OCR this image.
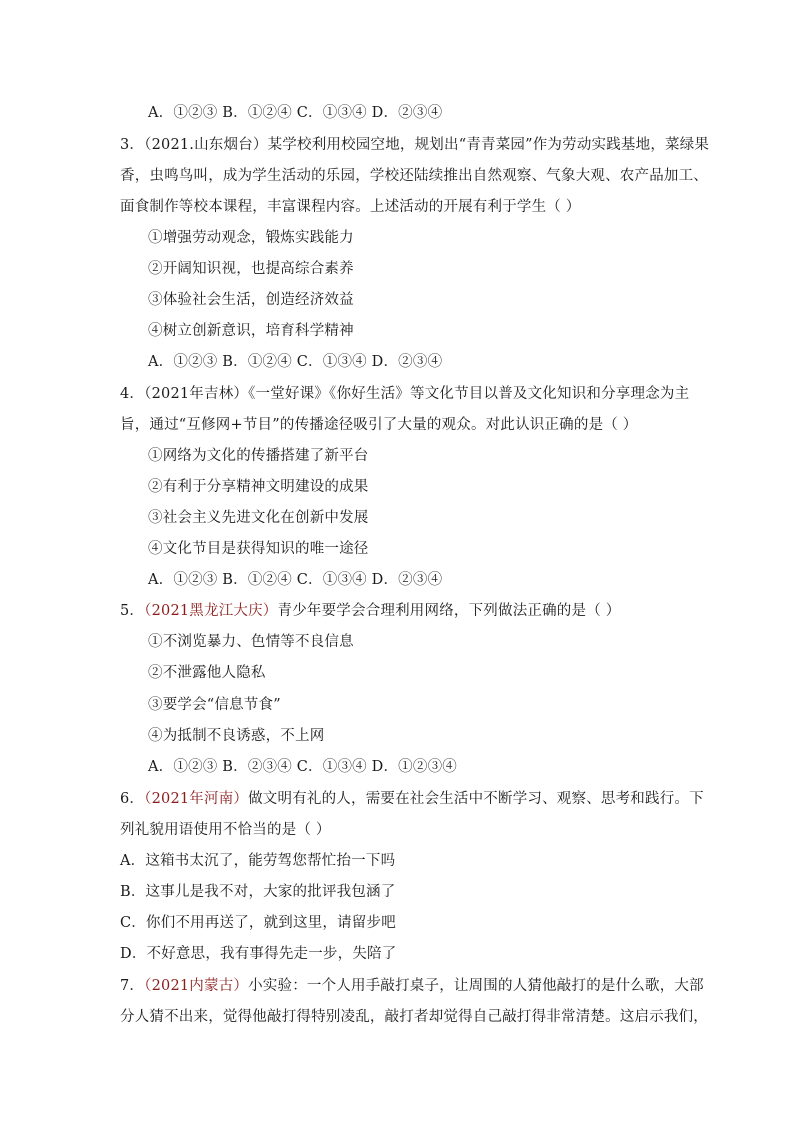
A．①②③ B．①②④ C．①③④ D．②③④
3．（2021.山东烟台）某学校利用校园空地，规划出“青青菜园”作为劳动实践基地，菜绿果
香，虫鸣鸟叫，成为学生活动的乐园，学校还陆续推出自然观察、气象大观、农产品加工、
面食制作等校本课程，丰富课程内容。上述活动的开展有利于学生（ ）
①增强劳动观念，锻炼实践能力
②开阔知识视，也提高综合素养
③体验社会生活，创造经济效益
④树立创新意识，培育科学精神
A．①②③ B．①②④ C．①③④ D．②③④
4．（2021年吉林）《一堂好课》《你好生活》等文化节目以普及文化知识和分享理念为主
旨，通过“互修网+节目”的传播途径吸引了大量的观众。对此认识正确的是（ ）
①网络为文化的传播搭建了新平台
②有利于分享精神文明建设的成果
③社会主义先进文化在创新中发展
④文化节目是获得知识的唯一途径
A．①②③ B．①②④ C．①③④ D．②③④
5．（2021黑龙江大庆）青少年要学会合理利用网络，下列做法正确的是（ ）
①不浏览暴力、色情等不良信息
②不泄露他人隐私
③要学会“信息节食”
④为抵制不良诱惑，不上网
A．①②③ B．②③④ C．①③④ D．①②③④
6．（2021年河南）做文明有礼的人，需要在社会生活中不断学习、观察、思考和践行。下
列礼貌用语使用不恰当的是（ ）
A．这箱书太沉了，能劳驾您帮忙抬一下吗
B．这事儿是我不对，大家的批评我包涵了
C．你们不用再送了，就到这里，请留步吧
D．不好意思，我有事得先走一步，失陪了
7．（2021内蒙古）小实验：一个人用手敲打桌子，让周围的人猜他敲打的是什么歌，大部
分人猜不出来，觉得他敲打得特别凌乱，敲打者却觉得自己敲打得非常清楚。这启示我们，
